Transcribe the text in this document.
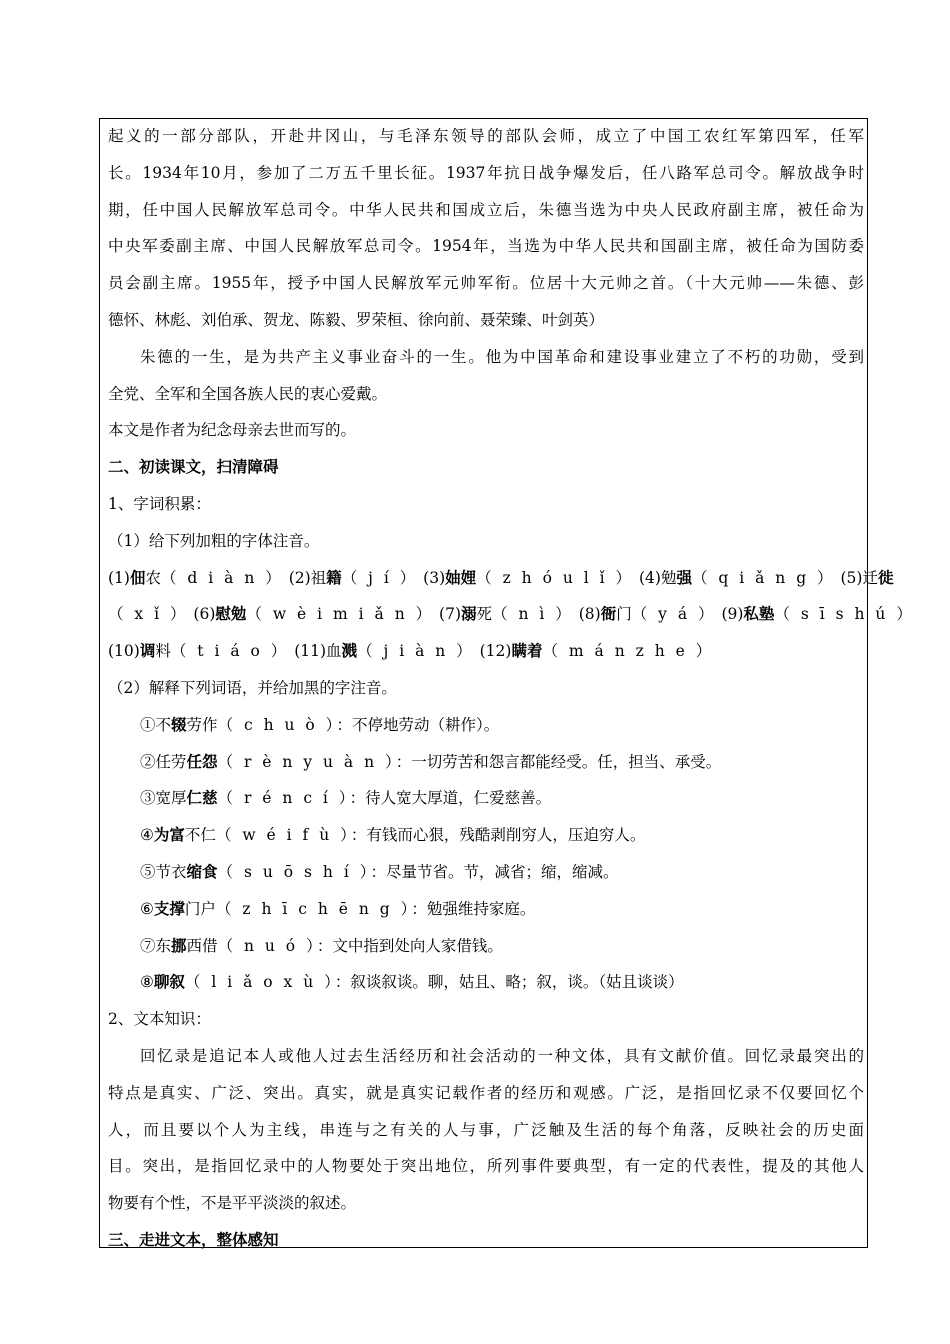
起义的一部分部队，开赴井冈山，与毛泽东领导的部队会师，成立了中国工农红军第四军，任军
长。1934年10月，参加了二万五千里长征。1937年抗日战争爆发后，任八路军总司令。解放战争时
期，任中国人民解放军总司令。中华人民共和国成立后，朱德当选为中央人民政府副主席，被任命为
中央军委副主席、中国人民解放军总司令。1954年，当选为中华人民共和国副主席，被任命为国防委
员会副主席。1955年，授予中国人民解放军元帅军衔。位居十大元帅之首。（十大元帅——朱德、彭
德怀、林彪、刘伯承、贺龙、陈毅、罗荣桓、徐向前、聂荣臻、叶剑英）
朱德的一生，是为共产主义事业奋斗的一生。他为中国革命和建设事业建立了不朽的功勋，受到
全党、全军和全国各族人民的衷心爱戴。
本文是作者为纪念母亲去世而写的。
二、初读课文，扫清障碍
1、字词积累：
（1）给下列加粗的字体注音。
(1)佃农（ d i à n ） (2)祖籍（ j í ） (3)妯娌（ z h ó u l ǐ ） (4)勉强（ q i ǎ n g ） (5)迁徙
（ x ǐ ） (6)慰勉（ w è i m i ǎ n ） (7)溺死（ n ì ） (8)衙门（ y á ） (9)私塾（ s ī s h ú ）
(10)调料（ t i á o ） (11)血溅（ j i à n ） (12)瞒着（ m á n z h e ）
（2）解释下列词语，并给加黑的字注音。
①不辍劳作（ c h u ò ）：不停地劳动（耕作）。
②任劳任怨（ r è n y u à n ）：一切劳苦和怨言都能经受。任，担当、承受。
③宽厚仁慈（ r é n c í ）：待人宽大厚道，仁爱慈善。
④为富不仁（ w é i f ù ）：有钱而心狠，残酷剥削穷人，压迫穷人。
⑤节衣缩食（ s u ō s h í ）：尽量节省。节，减省；缩，缩减。
⑥支撑门户（ z h ī c h ē n g ）：勉强维持家庭。
⑦东挪西借（ n u ó ）：文中指到处向人家借钱。
⑧聊叙（ l i ǎ o x ù ）：叙谈叙谈。聊，姑且、略；叙，谈。（姑且谈谈）
2、文本知识：
回忆录是追记本人或他人过去生活经历和社会活动的一种文体，具有文献价值。回忆录最突出的
特点是真实、广泛、突出。真实，就是真实记载作者的经历和观感。广泛，是指回忆录不仅要回忆个
人，而且要以个人为主线，串连与之有关的人与事，广泛触及生活的每个角落，反映社会的历史面
目。突出，是指回忆录中的人物要处于突出地位，所列事件要典型，有一定的代表性，提及的其他人
物要有个性，不是平平淡淡的叙述。
三、走进文本，整体感知
